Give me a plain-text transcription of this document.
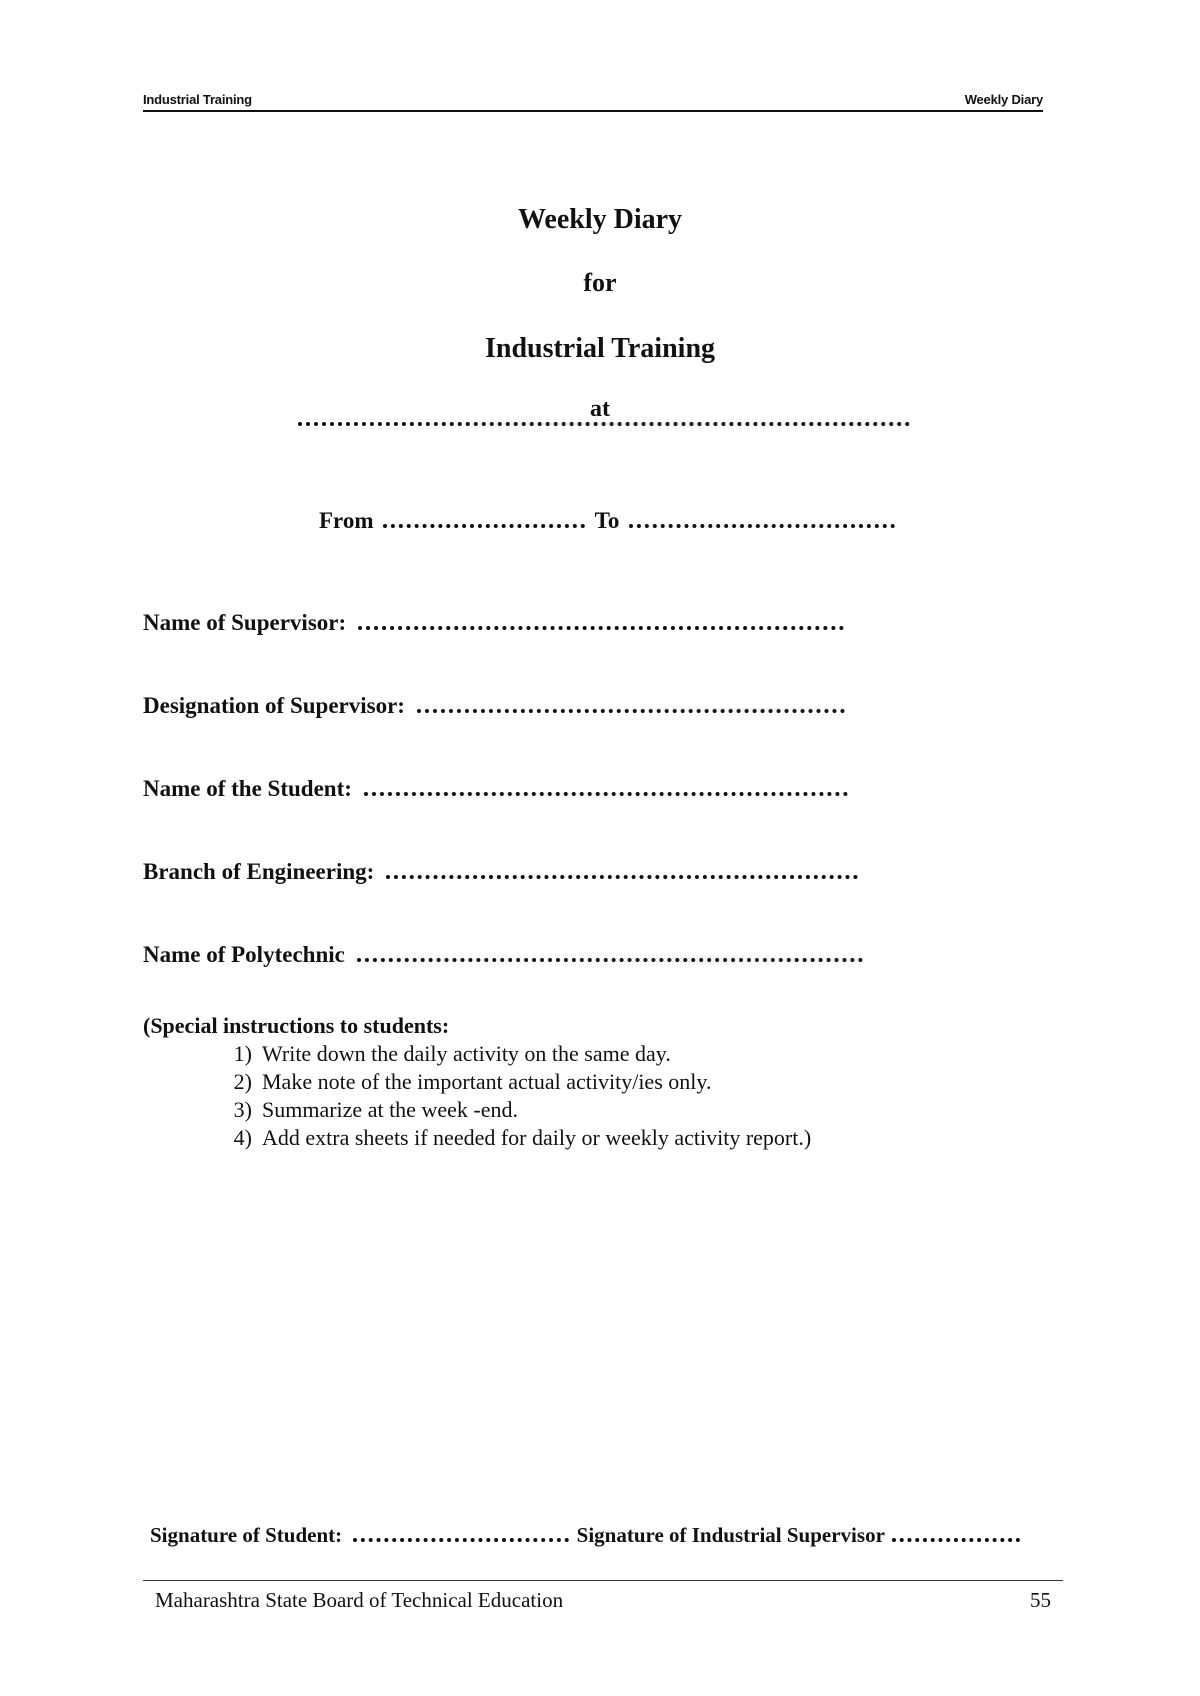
Industrial Training	Weekly Diary
Weekly Diary
for
Industrial Training
at
From	To
Name of Supervisor:
Designation of Supervisor:
Name of the Student:
Branch of Engineering:
Name of Polytechnic
(Special instructions to students:
1) Write down the daily activity on the same day.
2) Make note of the important actual activity/ies only.
3) Summarize at the week -end.
4) Add extra sheets if needed for daily or weekly activity report.)
Signature of Student:	Signature of Industrial Supervisor
Maharashtra State Board of Technical Education	55
